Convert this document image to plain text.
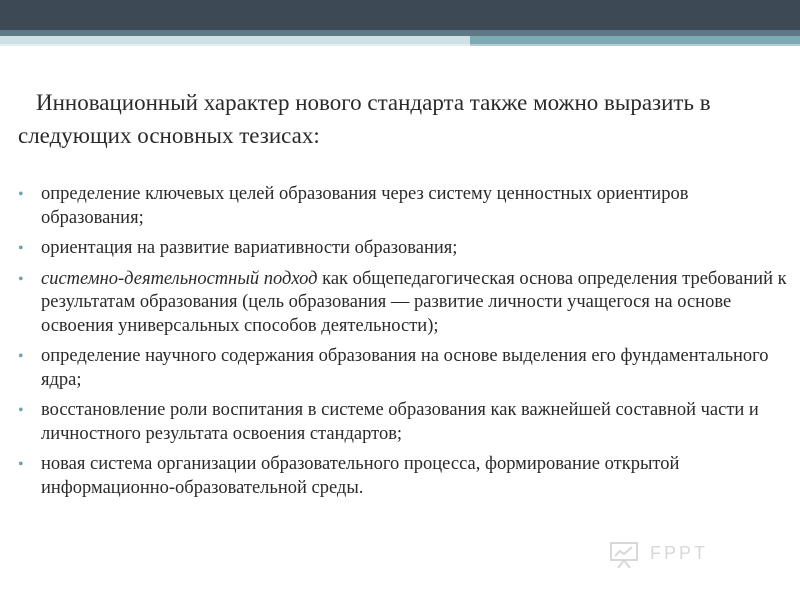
Инновационный характер нового стандарта также можно выразить в следующих основных тезисах:
• определение ключевых целей образования через систему ценностных ориентиров образования;
• ориентация на развитие вариативности образования;
• системно-деятельностный подход как общепедагогическая основа определения требований к результатам образования (цель образования — развитие личности учащегося на основе освоения универсальных способов деятельности);
• определение научного содержания образования на основе выделения его фундаментального ядра;
• восстановление роли воспитания в системе образования как важнейшей составной части и личностного результата освоения стандартов;
• новая система организации образовательного процесса, формирование открытой информационно-образовательной среды.
FPPT
